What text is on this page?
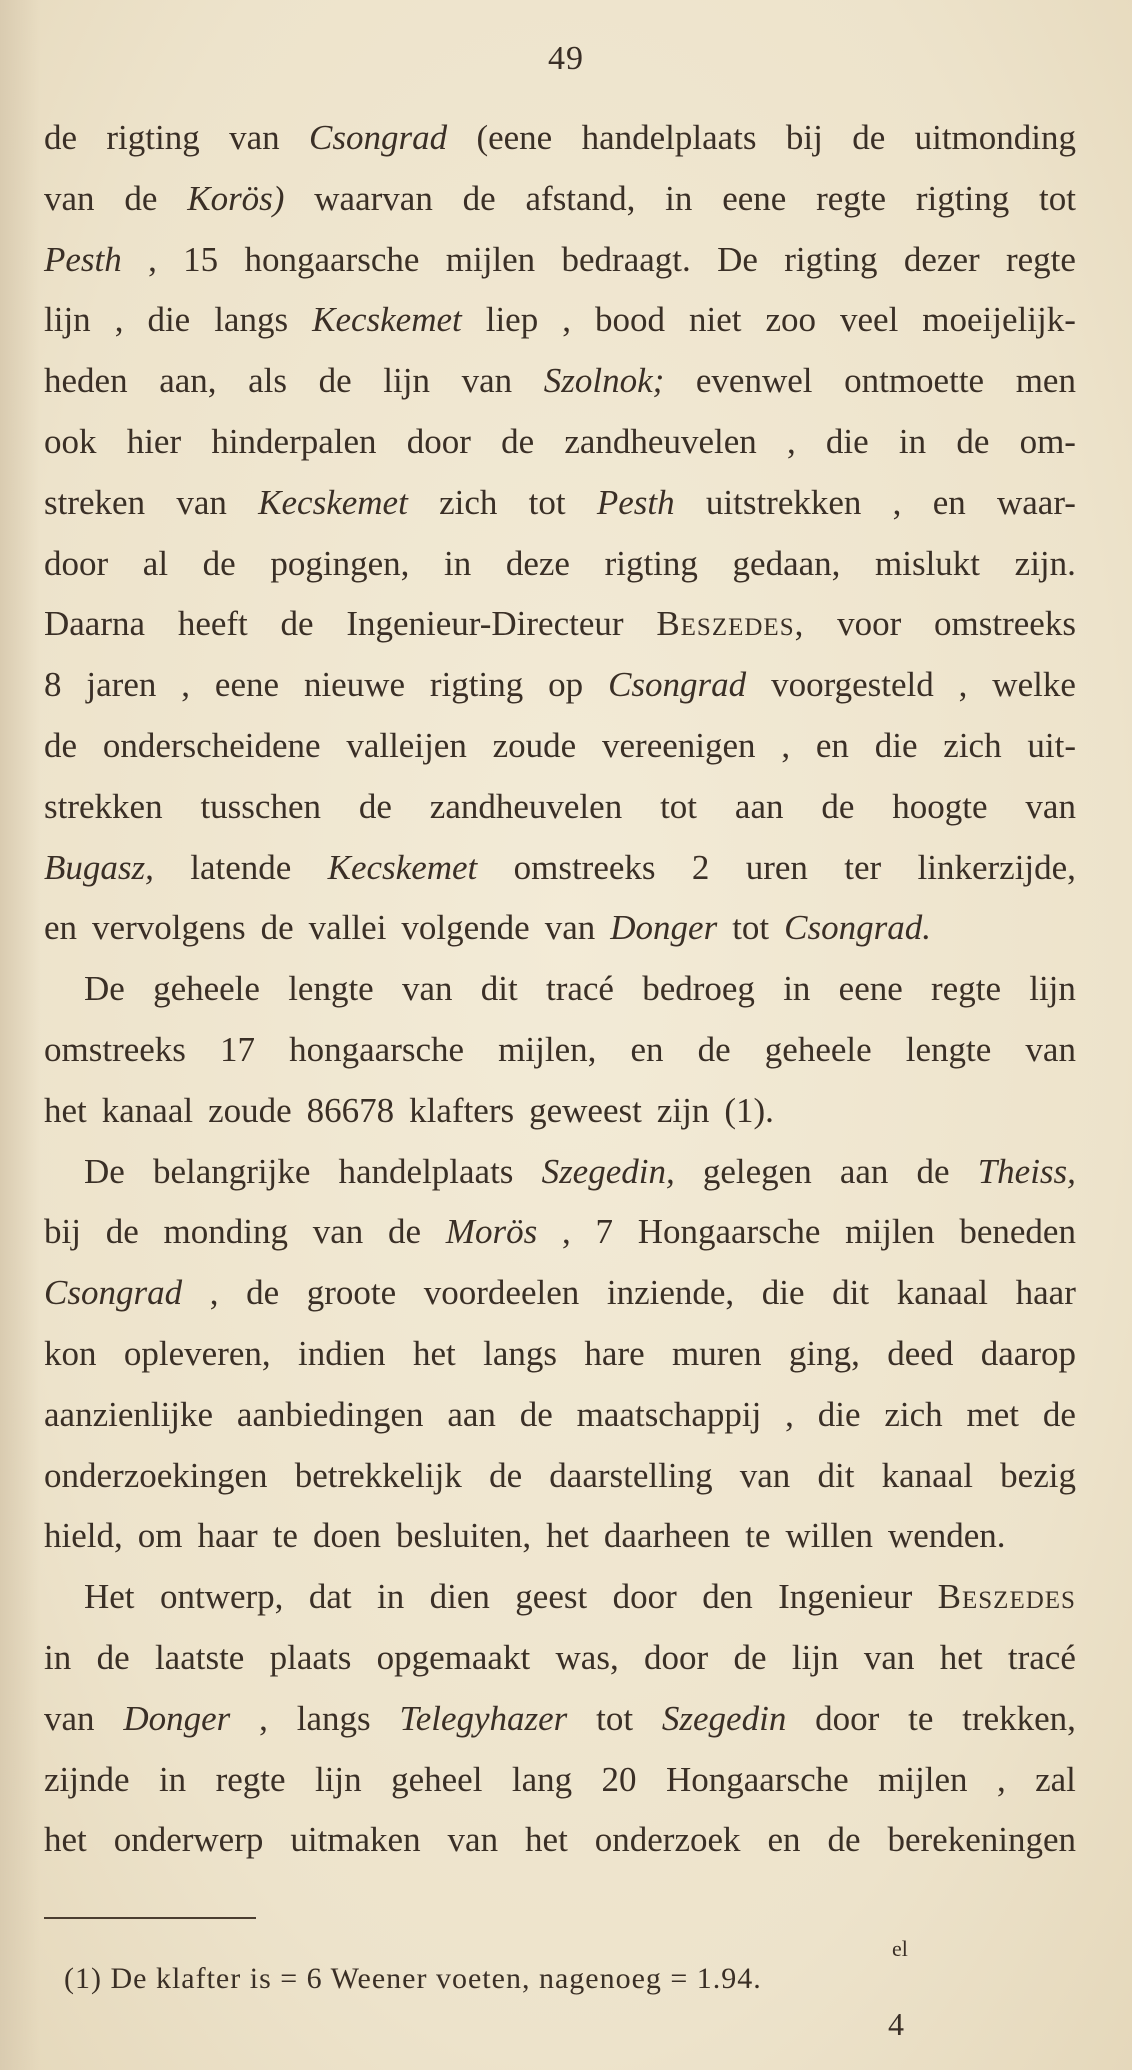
49
de rigting van Csongrad (eene handelplaats bij de uitmonding
van de Korös) waarvan de afstand, in eene regte rigting tot
Pesth , 15 hongaarsche mijlen bedraagt. De rigting dezer regte
lijn , die langs Kecskemet liep , bood niet zoo veel moeijelijk-
heden aan, als de lijn van Szolnok; evenwel ontmoette men
ook hier hinderpalen door de zandheuvelen , die in de om-
streken van Kecskemet zich tot Pesth uitstrekken , en waar-
door al de pogingen, in deze rigting gedaan, mislukt zijn.
Daarna heeft de Ingenieur-Directeur Beszedes, voor omstreeks
8 jaren , eene nieuwe rigting op Csongrad voorgesteld , welke
de onderscheidene valleijen zoude vereenigen , en die zich uit-
strekken tusschen de zandheuvelen tot aan de hoogte van
Bugasz, latende Kecskemet omstreeks 2 uren ter linkerzijde,
en vervolgens de vallei volgende van Donger tot Csongrad.
De geheele lengte van dit tracé bedroeg in eene regte lijn
omstreeks 17 hongaarsche mijlen, en de geheele lengte van
het kanaal zoude 86678 klafters geweest zijn (1).
De belangrijke handelplaats Szegedin, gelegen aan de Theiss,
bij de monding van de Morös , 7 Hongaarsche mijlen beneden
Csongrad , de groote voordeelen inziende, die dit kanaal haar
kon opleveren, indien het langs hare muren ging, deed daarop
aanzienlijke aanbiedingen aan de maatschappij , die zich met de
onderzoekingen betrekkelijk de daarstelling van dit kanaal bezig
hield, om haar te doen besluiten, het daarheen te willen wenden.
Het ontwerp, dat in dien geest door den Ingenieur Beszedes
in de laatste plaats opgemaakt was, door de lijn van het tracé
van Donger , langs Telegyhazer tot Szegedin door te trekken,
zijnde in regte lijn geheel lang 20 Hongaarsche mijlen , zal
het onderwerp uitmaken van het onderzoek en de berekeningen
el
(1) De klafter is = 6 Weener voeten, nagenoeg = 1.94.
4
